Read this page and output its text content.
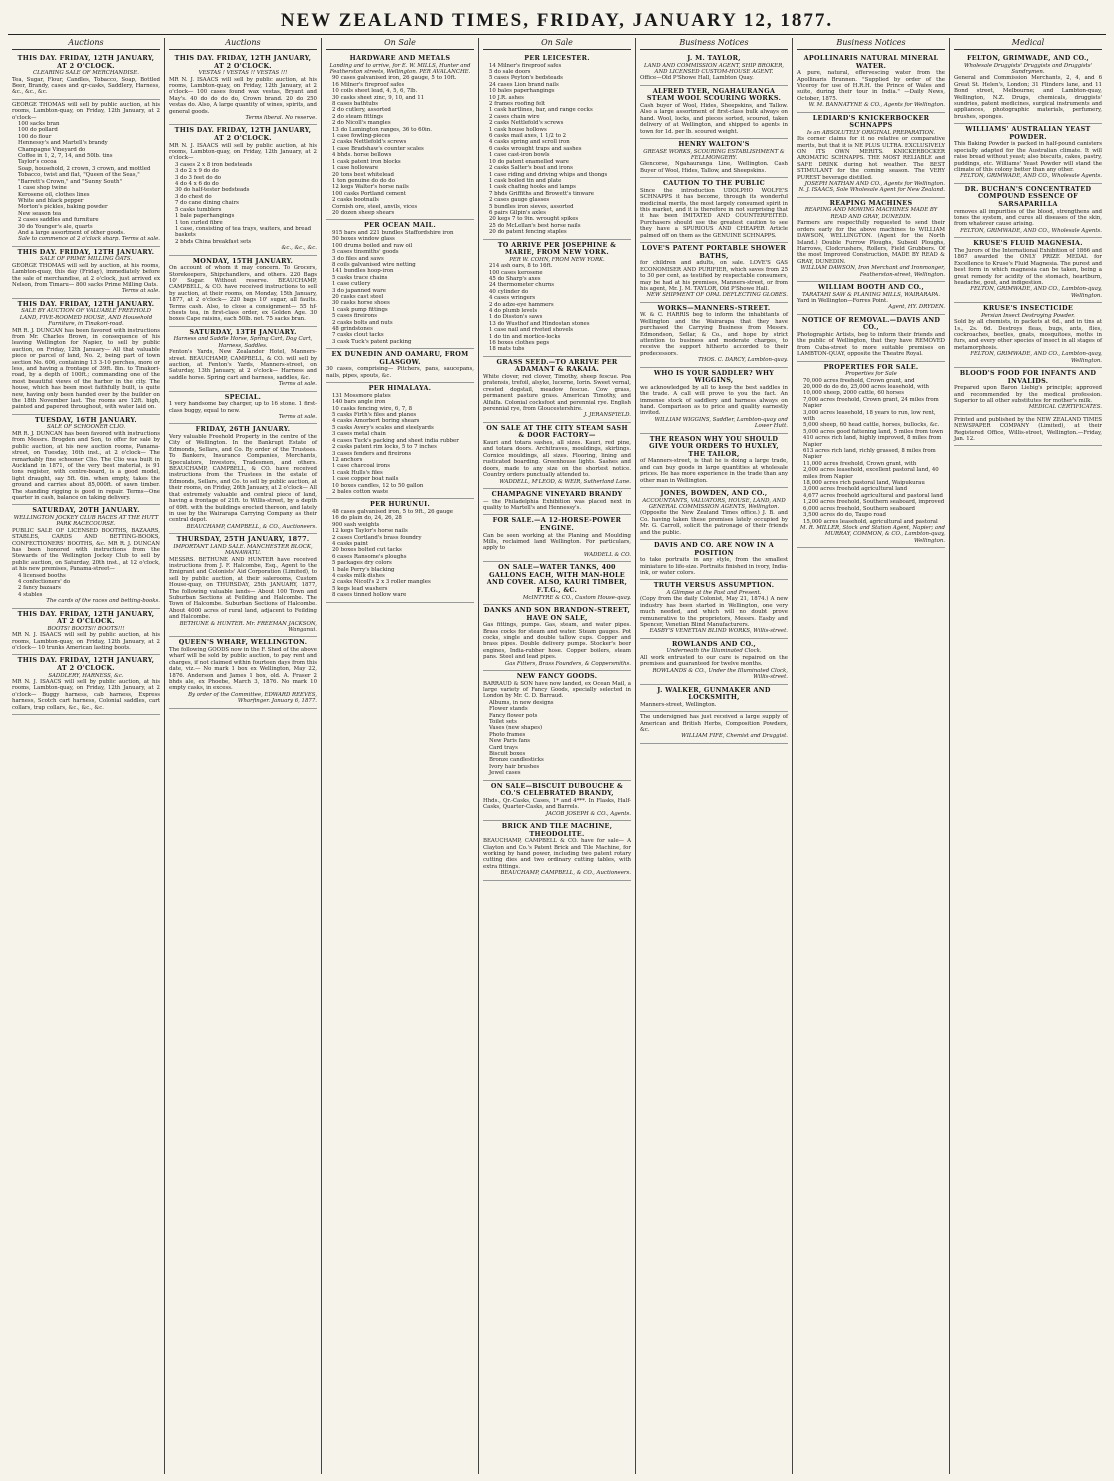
NEW ZEALAND TIMES, FRIDAY, JANUARY 12, 1877.
Auctions
THIS DAY. FRIDAY, 12TH JANUARY, AT 2 O'CLOCK.
CLEARING SALE OF MERCHANDISE.
Tea, Sugar, Flour, Candles, Tobacco, Soap, Bottled Beer, Brandy, cases and qr-casks, Saddlery, Harness, &c., &c., &c.
GEORGE THOMAS will sell by public auction, at his rooms, Lambton-quay, on Friday, 12th January, at 2 o'clock—
100 sacks bran
100 do pollard
100 do flour
Hennessy's and Martell's brandy
Champagne Vineyard do
Coffee in 1, 2, 7, 14, and 50lb. tins
Taylor's cocoa
Soap, household, 2 crown, 3 crown, and mottled
Tobacco, twist and flat, "Queen of the Seas," "Barrett's Crown," and "Sunny South"
1 case shop twine
Kerosene oil, clothes lines
White and black pepper
Morton's pickles, baking powder
New season tea
2 cases saddles and furniture
30 do Younger's ale, quarts
And a large assortment of other goods.
Sale to commence at 2 o'clock sharp. Terms at sale.
THIS DAY. FRIDAY, 12TH JANUARY.
SALE OF PRIME MILLING OATS.
GEORGE THOMAS will sell by auction, at his rooms, Lambton-quay, this day (Friday), immediately before the sale of merchandise, at 2 o'clock, just arrived ex Nelson, from Timaru— 800 sacks Prime Milling Oats.
Terms at sale.
THIS DAY. FRIDAY, 12TH JANUARY.
SALE BY AUCTION OF VALUABLE FREEHOLD LAND, FIVE-ROOMED HOUSE, AND Household Furniture, in Tinakori-road.
MR R. J. DUNCAN has been favored with instructions from Mr. Charles Brown, in consequence of his leaving Wellington for Napier, to sell by public auction, on Friday, 12th January— All that valuable piece or parcel of land, No. 2, being part of town section No. 606, containing 13 3-10 perches, more or less, and having a frontage of 39ft. 8in. to Tinakori-road, by a depth of 100ft.; commanding one of the most beautiful views of the harbor in the city. The house, which has been most faithfully built, is quite new, having only been handed over by the builder on the 18th November last. The rooms are 12ft. high, painted and papered throughout, with water laid on.
TUESDAY, 16TH JANUARY.
SALE OF SCHOONER CLIO.
MR R. J. DUNCAN has been favored with instructions from Messrs. Brogden and Son, to offer for sale by public auction, at his new auction rooms, Panama-street, on Tuesday, 16th inst., at 2 o'clock— The remarkably fine schooner Clio. The Clio was built in Auckland in 1871, of the very best material, is 91 tons register, with centre-board, is a good model, light draught, say 5ft. 6in. when empty, takes the ground and carries about 85,000ft. of sawn timber. The standing rigging is good in repair. Terms—One quarter in cash, balance on taking delivery.
SATURDAY, 20TH JANUARY.
WELLINGTON JOCKEY CLUB RACES AT THE HUTT PARK RACECOURSE.
PUBLIC SALE OF LICENSED BOOTHS, BAZAARS, STABLES, CARDS AND BETTING-BOOKS, CONFECTIONERS' BOOTHS, &c. MR R. J. DUNCAN has been honored with instructions from the Stewards of the Wellington Jockey Club to sell by public auction, on Saturday, 20th inst., at 12 o'clock, at his new premises, Panama-street—
4 licensed booths
4 confectioners' do
2 fancy bazaars
4 stables
The cards of the races and betting-books.
THIS DAY. FRIDAY, 12TH JANUARY, AT 2 O'CLOCK.
BOOTS! BOOTS!! BOOTS!!!
MR N. J. ISAACS will sell by public auction, at his rooms, Lambton-quay, on Friday, 12th January, at 2 o'clock— 10 trunks American lasting boots.
THIS DAY. FRIDAY, 12TH JANUARY, AT 2 O'CLOCK.
SADDLERY, HARNESS, &c.
MR N. J. ISAACS will sell by public auction, at his rooms, Lambton-quay, on Friday, 12th January, at 2 o'clock— Buggy harness, cab harness, Express harness, Scotch cart harness, Colonial saddles, cart collars, trap collars, &c., &c., &c.
Auctions
THIS DAY. FRIDAY, 12TH JANUARY, AT 2 O'CLOCK.
VESTAS ! VESTAS !! VESTAS !!!
MR N. J. ISAACS will sell by public auction, at his rooms, Lambton-quay, on Friday, 12th January, at 2 o'clock— 100 cases found wax vestas, Bryant and May's. 40 do do do do, Crown brand. 20 do 250 vestas do. Also, A large quantity of wines, spirits, and general goods.
Terms liberal. No reserve.
THIS DAY. FRIDAY, 12TH JANUARY, AT 2 O'CLOCK.
MR N. J. ISAACS will sell by public auction, at his rooms, Lambton-quay, on Friday, 12th January, at 2 o'clock—
3 cases 2 x 8 iron bedsteads
3 do 2 x 9 do do
3 do 3 feet do do
4 do 4 x 6 do do
30 do half-tester bedsteads
3 do chest do
7 do cane dining chairs
5 casks tumblers
1 bale paperhangings
1 ton curled fibre
1 case, consisting of tea trays, waiters, and bread baskets
2 bhds China breakfast sets
&c., &c., &c.
MONDAY, 15TH JANUARY.
On account of whom it may concern. To Grocers, Storekeepers, Shipchandlers, and others. 220 Bags 10' Sugar. Without reserve. BEAUCHAMP, CAMPBELL, & CO. have received instructions to sell by auction, at their rooms, on Monday, 15th January, 1877, at 2 o'clock— 220 bags 10' sugar, all faults. Terms cash. Also, to close a consignment— 55 hf-chests tea, in first-class order, ex Golden Age. 30 boxes Cape raisins, each 50lb. net. 75 sacks bran.
SATURDAY, 13TH JANUARY.
Harness and Saddle Horse, Spring Cart, Dog Cart, Harness, Saddles.
Fenton's Yards, New Zealander Hotel, Manners-street. BEAUCHAMP, CAMPBELL, & CO. will sell by auction, at Fenton's Yards, Manners-street, on Saturday, 13th January, at 2 o'clock— Harness and saddle horse. Spring cart and harness, saddles, &c.
Terms at sale.
SPECIAL.
1 very handsome bay charger, up to 16 stone. 1 first-class buggy, equal to new.
Terms at sale.
FRIDAY, 26TH JANUARY.
Very valuable Freehold Property in the centre of the City of Wellington. In the Bankrupt Estate of Edmonds, Sellars, and Co. By order of the Trustees. To Bankers, Insurance Companies, Merchants, Speculators, Investors, Tradesmen, and others. BEAUCHAMP, CAMPBELL, & CO. have received instructions from the Trustees in the estate of Edmonds, Sellars, and Co. to sell by public auction, at their rooms, on Friday, 26th January, at 2 o'clock— All that extremely valuable and central piece of land, having a frontage of 21ft. to Willis-street, by a depth of 69ft. with the buildings erected thereon, and lately in use by the Wairarapa Carrying Company as their central depot.
BEAUCHAMP, CAMPBELL, & CO., Auctioneers.
THURSDAY, 25TH JANUARY, 1877.
IMPORTANT LAND SALE. MANCHESTER BLOCK, MANAWATU.
MESSRS. BETHUNE AND HUNTER have received instructions from J. F. Halcombe, Esq., Agent to the Emigrant and Colonists' Aid Corporation (Limited), to sell by public auction, at their salerooms, Custom House-quay, on THURSDAY, 25th JANUARY, 1877, The following valuable lands— About 100 Town and Suburban Sections at Feilding and Halcombe. The Town of Halcombe. Suburban Sections of Halcombe. About 4000 acres of rural land, adjacent to Feilding and Halcombe.
BETHUNE & HUNTER. Mr. FREEMAN JACKSON, Wanganui.
QUEEN'S WHARF, WELLINGTON.
The following GOODS now in the F. Shed of the above wharf will be sold by public auction, to pay rent and charges, if not claimed within fourteen days from this date, viz.— No mark 1 box ex Wellington, May 22, 1876. Anderson and James 1 box, old. A. Fraser 2 bhds ale, ex Phoebe, March 3, 1876. No mark 10 empty casks, in excess.
By order of the Committee, EDWARD REEVES, Wharfinger. January 6, 1877.
On Sale
HARDWARE AND METALS
Landing and to arrive, for E. W. MILLS, Hunter and Featherston streets, Wellington. PER AVALANCHE.
90 cases galvanised iron, 26 gauge, 5 to 10ft.
16 Milner's fireproof safes
10 coils sheet lead, 4, 5, 6, 7lb.
30 casks sheet zinc, 9, 10, and 11
8 cases bathtubs
2 do cutlery, assorted
2 do steam fittings
2 do Nicoll's mangles
13 do Lumington ranges, 36 to 60in.
1 case fowling-pieces
2 casks Nettlefold's screws
1 case Bradshaw's counter scales
4 bhds. horse bellows
1 cask patent iron blocks
1 case holloware
20 tons best whitelead
1 ton genuine do do do
12 kegs Walter's horse nails
100 casks Portland cement
2 casks bootnails
Cornish ore, steel, anvils, vices
20 dozen sheep shears
PER OCEAN MAIL.
915 bars and 221 bundles Staffordshire iron
50 boxes window glass
100 drums boiled and raw oil
5 cases tinsmiths' goods
3 do files and saws
8 coils galvanised wire netting
141 bundles hoop-iron
5 casks trace chains
1 case cutlery
3 do japanned ware
20 casks cast steel
30 casks horse shoes
1 cask pump fittings
5 cases fireirons
2 casks bolts and nuts
48 grindstones
7 casks clout tacks
3 cask Tuck's patent packing
EX DUNEDIN AND OAMARU, FROM GLASGOW.
30 cases, comprising— Pitchers, pans, saucepans, nails, pipes, spouts, &c.
PER HIMALAYA.
131 Mossmore plates
140 bars angle iron
10 casks fencing wire, 6, 7, 8
5 casks Firth's files and planes
4 casks Amorbert boring shears
5 casks Avery's scales and steelyards
3 cases metal chain
4 cases Tuck's packing and sheet india rubber
2 casks patent rim locks, 5 to 7 inches
3 cases fenders and fireirons
12 anchors
1 case charcoal irons
1 cask Hulls's files
1 case copper boat nails
10 boxes candles, 12 to 50 gallon
2 bales cotton waste
PER HURUNUI.
48 cases galvanised iron, 5 to 9ft., 26 gauge
16 do plain do, 24, 26, 28
900 sash weights
12 kegs Taylor's horse nails
2 cases Cortland's brass foundry
4 casks paint
20 boxes bolted cut tacks
6 cases Ransome's ploughs
5 packages dry colors
1 bale Perry's blacking
4 casks milk dishes
2 casks Nicoll's 2 x 3 roller mangles
5 kegs lead washers
8 cases tinned hollow ware
On Sale
PER LEICESTER.
14 Milner's fireproof safes
5 do sale doors
5 cases Peyton's bedsteads
24 cases Lion brand nails
10 bales paperhangings
10 J.R. ashes
2 frames roofing felt
1 cask hartlines, bar, and range cocks
2 cases chain wire
2 casks Nettlefold's screws
1 cask house hollows
6 casks mail axes, 1 1/2 to 2
4 casks spring and scroll iron
6 casks wrought traps and sashes
1 case cast-iron bowls
10 do patent enamelled ware
2 casks Salter's boat and irons
1 case riding and driving whips and thongs
1 cask boiled tin and plate
1 cask chafing hooks and lamps
7 bhds Griffiths and Browett's tinware
2 cases gauge glasses
5 bundles iron sieves, assorted
6 pairs Gilpin's axles
20 kegs 7 to 9in. wrought spikes
25 do McLellan's best horse nails
20 do patent fencing staples
TO ARRIVE PER JOSEPHINE & MARIE, FROM NEW YORK.
PER W. COHN, FROM NEW YORK.
214 ash oars, 8 to 16ft.
100 cases kerosene
45 do Sharp's axes
24 thermometer churns
40 cylinder do
4 cases wringers
2 do adze-eye hammers
4 do plumb levels
1 do Disston's saws
13 do Wusthof and Hindostan stones
1 case nail and riveted shovels
1 do tin and mortice-locks
16 boxes clothes pegs
18 mats tubs
GRASS SEED.—TO ARRIVE PER ADAMANT & RAKAIA.
White clover, red clover, Timothy, sheep fescue. Poa pratensis, trefoil, alsyke, lucerne, Iorin. Sweet vernal, crested dogstail, meadow fescue. Cow grass, permanent pasture grass. American Timothy, and Alfalfa. Colonial cocksfoot and perennial rye. English perennial rye, from Gloucestershire.
J. JERANSFIELD.
ON SALE AT THE CITY STEAM SASH & DOOR FACTORY—
Kauri and totara sashes, all sizes. Kauri, red pine, and totara doors. Architraves, mouldings, skirtings. Cornice mouldings, all sizes. Flooring, lining and rusticated boarding. Greenhouse lights. Sashes and doors, made to any size on the shortest notice. Country orders punctually attended to.
WADDELL, M'LEOD, & WEIR, Sutherland Lane.
CHAMPAGNE VINEYARD BRANDY
— the Philadelphia Exhibition was placed next in quality to Martell's and Hennessy's.
FOR SALE.—A 12-HORSE-POWER ENGINE.
Can be seen working at the Planing and Moulding Mills, reclaimed land Wellington. For particulars, apply to
WADDELL & CO.
ON SALE—WATER TANKS, 400 GALLONS EACH, WITH MAN-HOLE AND COVER. ALSO, KAURI TIMBER, F.T.G., &C.
McINTYRE & CO., Custom House-quay.
DANKS AND SON BRANDON-STREET, HAVE ON SALE,
Gas fittings, pumps. Gas, steam, and water pipes. Brass cocks for steam and water. Steam gauges. Pot cocks, single and double tallow cups. Copper and brass pipes. Double delivery pumps. Stocker's beer engines, India-rubber hose. Copper boilers, steam pans. Steel and lead pipes.
Gas Fitters, Brass Founders, & Coppersmiths.
NEW FANCY GOODS.
BARRAUD & SON have now landed, ex Ocean Mail, a large variety of Fancy Goods, specially selected in London by Mr. C. D. Barraud.
Albums, in new designs
Flower stands
Fancy flower pots
Toilet sets
Vases (new shapes)
Photo frames
New Paris fans
Card trays
Biscuit boxes
Bronze candlesticks
Ivory hair brushes
Jewel cases
ON SALE—BISCUIT DUBOUCHE & CO.'S CELEBRATED BRANDY,
Hhds., Qr.-Casks, Cases, 1* and 4***. In Flasks, Half-Casks, Quarter-Casks, and Barrels.
JACOB JOSEPH & CO., Agents.
BRICK AND TILE MACHINE, THEODOLITE.
BEAUCHAMP, CAMPBELL & CO. have for sale— A Clayton and Co.'s Patent Brick and Tile Machine, for working by hand power, including two patent rotary cutting dies and two ordinary cutting tables, with extra fittings.
BEAUCHAMP, CAMPBELL, & CO., Auctioneers.
Business Notices
J. M. TAYLOR,
LAND AND COMMISSION AGENT, SHIP BROKER, AND LICENSED CUSTOM-HOUSE AGENT.
Office—Old P'Showe Hall, Lambton Quay.
ALFRED TYER, NGAHAURANGA STEAM WOOL SCOURING WORKS.
Cash buyer of Wool, Hides, Sheepskins, and Tallow. Also a large assortment of first-class bulk always on hand. Wool, locks, and pieces sorted, scoured, taken delivery of at Wellington, and shipped to agents in town for 1d. per lb. scoured weight.
HENRY WALTON'S
GREASE WORKS, SCOURING ESTABLISHMENT & FELLMONGERY.
Glencorse, Ngahauranga Line, Wellington. Cash Buyer of Wool, Hides, Tallow, and Sheepskins.
CAUTION TO THE PUBLIC
Since the introduction UDOLPHO WOLFE'S SCHNAPPS it has become, through its wonderful medicinal merits, the most largely consumed spirit in this market, and it is therefore in not surprising that it has been IMITATED AND COUNTERFEITED. Purchasers should use the greatest caution to see they have a SPURIOUS AND CHEAPER Article palmed off on them as the GENUINE SCHNAPPS.
LOVE'S PATENT PORTABLE SHOWER BATHS,
for children and adults, on sale. LOVE'S GAS ECONOMISER AND PURIFIER, which saves from 25 to 30 per cent, as testified by respectable consumers, may be had at his premises, Manners-street, or from his agent, Mr. J. M. TAYLOR, Old P'Showe Hall.
NEW SHIPMENT OF OPAL DEFLECTING GLOBES.
WORKS—MANNERS-STREET.
W. & C. HARRIS beg to inform the inhabitants of Wellington and the Wairarapa that they have purchased the Carrying Business from Messrs. Edmondson, Sellar, & Co., and hope by strict attention to business and moderate charges, to receive the support hitherto accorded to their predecessors.
THOS. C. DARCY, Lambton-quay.
WHO IS YOUR SADDLER? WHY WIGGINS,
we acknowledged by all to keep the best saddles in the trade. A call will prove to you the fact. An immense stock of saddlery and harness always on hand. Comparison as to price and quality earnestly invited.
WILLIAM WIGGINS, Saddler, Lambton-quay and Lower Hutt.
THE REASON WHY YOU SHOULD GIVE YOUR ORDERS TO HUXLEY, THE TAILOR,
of Manners-street, is that he is doing a large trade, and can buy goods in large quantities at wholesale prices. He has more experience in the trade than any other man in Wellington.
JONES, BOWDEN, AND CO.,
ACCOUNTANTS, VALUATORS, HOUSE, LAND, AND GENERAL COMMISSION AGENTS, Wellington.
(Opposite the New Zealand Times office.) J. B. and Co. having taken these premises lately occupied by Mr. G. Carroll, solicit the patronage of their friends and the public.
DAVIS AND CO. ARE NOW IN A POSITION
to take portraits in any style, from the smallest miniature to life-size. Portraits finished in ivory, India-ink, or water colors.
TRUTH VERSUS ASSUMPTION.
A Glimpse at the Past and Present.
(Copy from the daily Colonist, May 21, 1874.) A new industry has been started in Wellington, one very much needed, and which will no doubt prove remunerative to the proprietors, Messrs. Easby and Spencer, Venetian Blind Manufacturers.
EASBY'S VENETIAN BLIND WORKS, Willis-street.
ROWLANDS AND CO.,
Underneath the Illuminated Clock.
All work entrusted to our care is repaired on the premises and guaranteed for twelve months.
ROWLANDS & CO., Under the Illuminated Clock, Willis-street.
J. WALKER, GUNMAKER AND LOCKSMITH,
Manners-street, Wellington.
The undersigned has just received a large supply of American and British Herbs, Composition Powders, &c.
WILLIAM FIFE, Chemist and Druggist.
Business Notices
APOLLINARIS NATURAL MINERAL WATER.
A pure, natural, effervescing water from the Apollinaris Brunnen. "Supplied by order of the Viceroy for use of H.R.H. the Prince of Wales and suite, during their tour in India." —Daily News, October, 1875.
W. M. BANNATYNE & CO., Agents for Wellington.
LEDIARD'S KNICKERBOCKER SCHNAPPS
Is an ABSOLUTELY ORIGINAL PREPARATION.
Its corner claims for it no relative or comparative merits, but that it is NE PLUS ULTRA. EXCLUSIVELY ON ITS OWN MERITS. KNICKERBOCKER AROMATIC SCHNAPPS. THE MOST RELIABLE and SAFE DRINK during hot weather. The BEST STIMULANT for the coming season. The VERY PUREST beverage distilled.
JOSEPH NATHAN AND CO., Agents for Wellington. N. J. ISAACS, Sole Wholesale Agent for New Zealand.
REAPING MACHINES
REAPING AND MOWING MACHINES MADE BY READ AND GRAY, DUNEDIN.
Farmers are respectfully requested to send their orders early for the above machines to WILLIAM DAWSON, WELLINGTON. (Agent for the North Island.) Double Furrow Ploughs, Subsoil Ploughs, Harrows, Clodcrushers, Rollers, Field Grubbers. Of the most Improved Construction, MADE BY READ & GRAY, DUNEDIN.
WILLIAM DAWSON, Iron Merchant and Ironmonger, Featherston-street, Wellington.
WILLIAM BOOTH AND CO.,
TARATAHI SAW & PLANING MILLS, WAIRARAPA.
Yard in Wellington—Forres Point.
Agent, HY. DRYDEN.
NOTICE OF REMOVAL.—DAVIS AND CO.,
Photographic Artists, beg to inform their friends and the public of Wellington, that they have REMOVED from Cuba-street to more suitable premises on LAMBTON-QUAY, opposite the Theatre Royal.
PROPERTIES FOR SALE.
Properties for Sale
70,000 acres freehold, Crown grant, and
20,000 do do do, 25,000 acres leasehold, with
10,000 sheep, 2000 cattle, 60 horses
7,000 acres freehold, Crown grant, 24 miles from Napier
3,000 acres leasehold, 18 years to run, low rent, with
5,000 sheep, 60 head cattle, horses, bullocks, &c.
5,000 acres good fattening land, 5 miles from town
410 acres rich land, highly improved, 8 miles from Napier
613 acres rich land, richly grassed, 8 miles from Napier
11,000 acres freehold, Crown grant, with
2,000 acres leasehold, excellent pastoral land, 40 miles from Napier
18,000 acres rich pastoral land, Waipukurau
3,000 acres freehold agricultural land
4,677 acres freehold agricultural and pastoral land
1,200 acres freehold, Southern seaboard, improved
6,000 acres freehold, Southern seaboard
3,500 acres do do, Taupo road
15,000 acres leasehold, agricultural and pastoral
M. R. MILLER, Stock and Station Agent, Napier; and MURRAY, COMMON, & CO., Lambton-quay, Wellington.
Medical
FELTON, GRIMWADE, AND CO.,
Wholesale Druggists' Druggists and Druggists' Sundrymen.
General and Commission Merchants, 2, 4, and 6 Great St. Helen's, London; 31 Flinders lane, and 11 Bond street, Melbourne; and Lambton-quay, Wellington, N.Z. Drugs, chemicals, druggists' sundries, patent medicines, surgical instruments and appliances, photographic materials, perfumery, brushes, sponges.
WILLIAMS' AUSTRALIAN YEAST POWDER.
This Baking Powder is packed in half-pound canisters specially adapted for the Australian climate. It will raise bread without yeast; also biscuits, cakes, pastry, puddings, etc. Williams' Yeast Powder will stand the climate of this colony better than any other.
FELTON, GRIMWADE, AND CO., Wholesale Agents.
DR. BUCHAN'S CONCENTRATED COMPOUND ESSENCE OF SARSAPARILLA
removes all impurities of the blood, strengthens and tones the system, and cures all diseases of the skin, from whatever cause arising.
FELTON, GRIMWADE, AND CO., Wholesale Agents.
KRUSE'S FLUID MAGNESIA.
The Jurors of the International Exhibition of 1866 and 1867 awarded the ONLY PRIZE MEDAL for Excellence to Kruse's Fluid Magnesia. The purest and best form in which magnesia can be taken, being a great remedy for acidity of the stomach, heartburn, headache, gout, and indigestion.
FELTON, GRIMWADE, AND CO., Lambton-quay, Wellington.
KRUSE'S INSECTICIDE
Persian Insect Destroying Powder.
Sold by all chemists, in packets at 6d., and in tins at 1s., 2s. 6d. Destroys fleas, bugs, ants, flies, cockroaches, beetles, gnats, mosquitoes, moths in furs, and every other species of insect in all stages of metamorphosis.
FELTON, GRIMWADE, AND CO., Lambton-quay, Wellington.
BLOOD'S FOOD FOR INFANTS AND INVALIDS.
Prepared upon Baron Liebig's principle; approved and recommended by the medical profession. Superior to all other substitutes for mother's milk.
MEDICAL CERTIFICATES.
Printed and published by the NEW ZEALAND TIMES NEWSPAPER COMPANY (Limited), at their Registered Office, Willis-street, Wellington.—Friday, Jan. 12.
